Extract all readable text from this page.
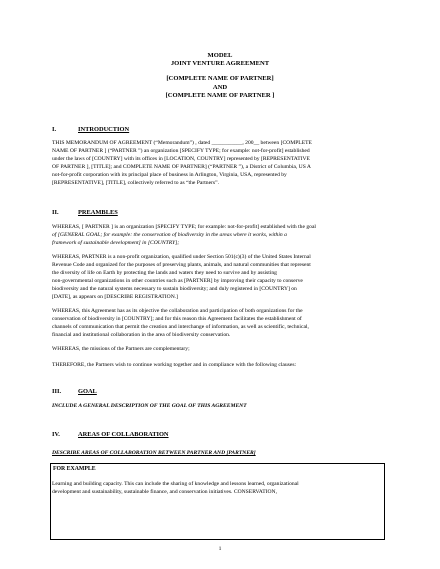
MODEL
JOINT VENTURE AGREEMENT
[COMPLETE NAME OF PARTNER]
AND
[COMPLETE NAME OF PARTNER ]
I.	INTRODUCTION
THIS MEMORANDUM OF AGREEMENT (“Memorandum”) , dated ___________, 200__ between [COMPLETE
NAME OF PARTNER ] (“PARTNER ”) an organization [SPECIFY TYPE; for example: not-for-profit] established
under the laws of [COUNTRY] with its offices in [LOCATION, COUNTRY] represented by [REPRESENTATIVE
OF PARTNER ], [TITLE]; and COMPLETE NAME OF PARTNER] (“PARTNER ”), a District of Columbia, US A
not-for-profit corporation with its principal place of business in Arlington, Virginia, USA, represented by
[REPRESENTATIVE], [TITLE], collectively referred to as “the Partners”.
II.	PREAMBLES
WHEREAS, [ PARTNER ] is an organization [SPECIFY TYPE; for example: not-for-profit] established with the goal
of [GENERAL GOAL; for example: the conservation of biodiversity in the areas where it works, within a
framework of sustainable development] in [COUNTRY];
WHEREAS, PARTNER is a non-profit organization, qualified under Section 501(c)(3) of the United States Internal
Revenue Code and organized for the purposes of preserving plants, animals, and natural communities that represent
the diversity of life on Earth by protecting the lands and waters they need to survive and by assisting
non-governmental organizations in other countries such as [PARTNER] by improving their capacity to conserve
biodiversity and the natural systems necessary to sustain biodiversity; and duly registered in [COUNTRY] on
[DATE], as appears on [DESCRIBE REGISTRATION.]
WHEREAS, this Agreement has as its objective the collaboration and participation of both organizations for the
conservation of biodiversity in [COUNTRY]; and for this reason this Agreement facilitates the establishment of
channels of communication that permit the creation and interchange of information, as well as scientific, technical,
financial and institutional collaboration in the area of biodiversity conservation.
WHEREAS, the missions of the Partners are complementary;
THEREFORE, the Partners wish to continue working together and in compliance with the following clauses:
III.	GOAL
INCLUDE A GENERAL DESCRIPTION OF THE GOAL OF THIS AGREEMENT
IV.	AREAS OF COLLABORATION
DESCRIBE AREAS OF COLLABORATION BETWEEN PARTNER AND [PARTNER]
FOR EXAMPLE
Learning and building capacity. This can include the sharing of knowledge and lessons learned, organizational
development and sustainability, sustainable finance, and conservation initiatives. CONSERVATION,
1
